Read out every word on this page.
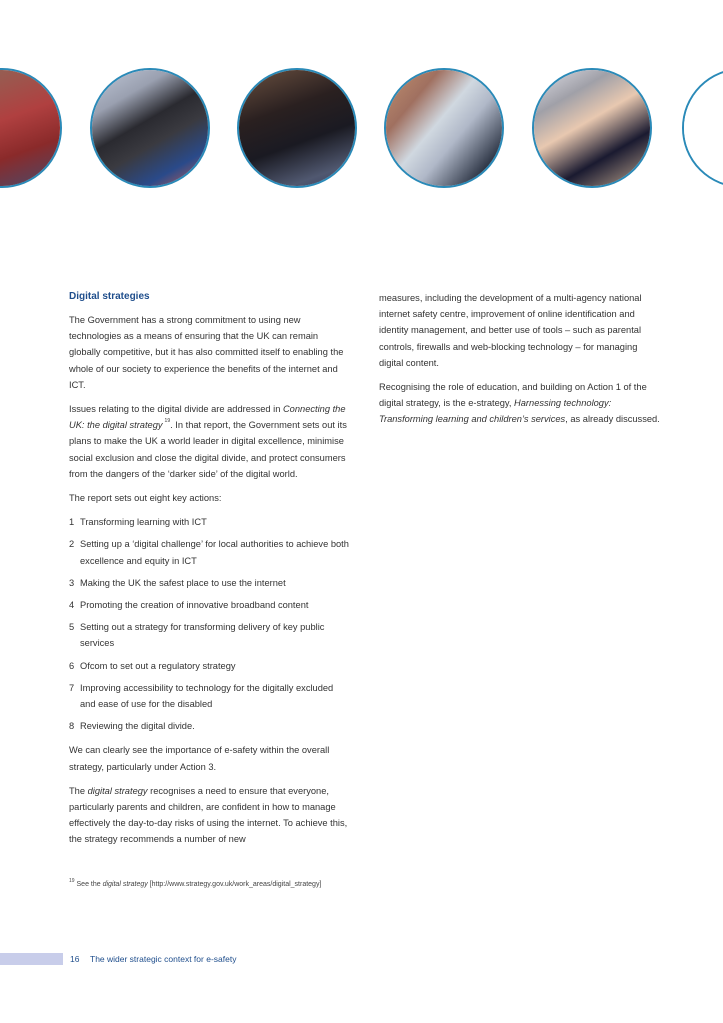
Digital strategies

The Government has a strong commitment to using new technologies as a means of ensuring that the UK can remain globally competitive, but it has also committed itself to enabling the whole of our society to experience the benefits of the internet and ICT.

Issues relating to the digital divide are addressed in Connecting the UK: the digital strategy $^{19}$. In that report, the Government sets out its plans to make the UK a world leader in digital excellence, minimise social exclusion and close the digital divide, and protect consumers from the dangers of the ‘darker side’ of the digital world.

The report sets out eight key actions:

1 Transforming learning with ICT
2 Setting up a ‘digital challenge’ for local authorities to achieve both excellence and equity in ICT
3 Making the UK the safest place to use the internet
4 Promoting the creation of innovative broadband content
5 Setting out a strategy for transforming delivery of key public services
6 Ofcom to set out a regulatory strategy
7 Improving accessibility to technology for the digitally excluded and ease of use for the disabled
8 Reviewing the digital divide.

We can clearly see the importance of e-safety within the overall strategy, particularly under Action 3.

The digital strategy recognises a need to ensure that everyone, particularly parents and children, are confident in how to manage effectively the day-to-day risks of using the internet. To achieve this, the strategy recommends a number of new

measures, including the development of a multi-agency national internet safety centre, improvement of online identification and identity management, and better use of tools – such as parental controls, firewalls and web-blocking technology – for managing digital content.

Recognising the role of education, and building on Action 1 of the digital strategy, is the e-strategy, Harnessing technology: Transforming learning and children’s services, as already discussed.

$^{19}$ See the digital strategy [http://www.strategy.gov.uk/work_areas/digital_strategy]
16 The wider strategic context for e-safety
